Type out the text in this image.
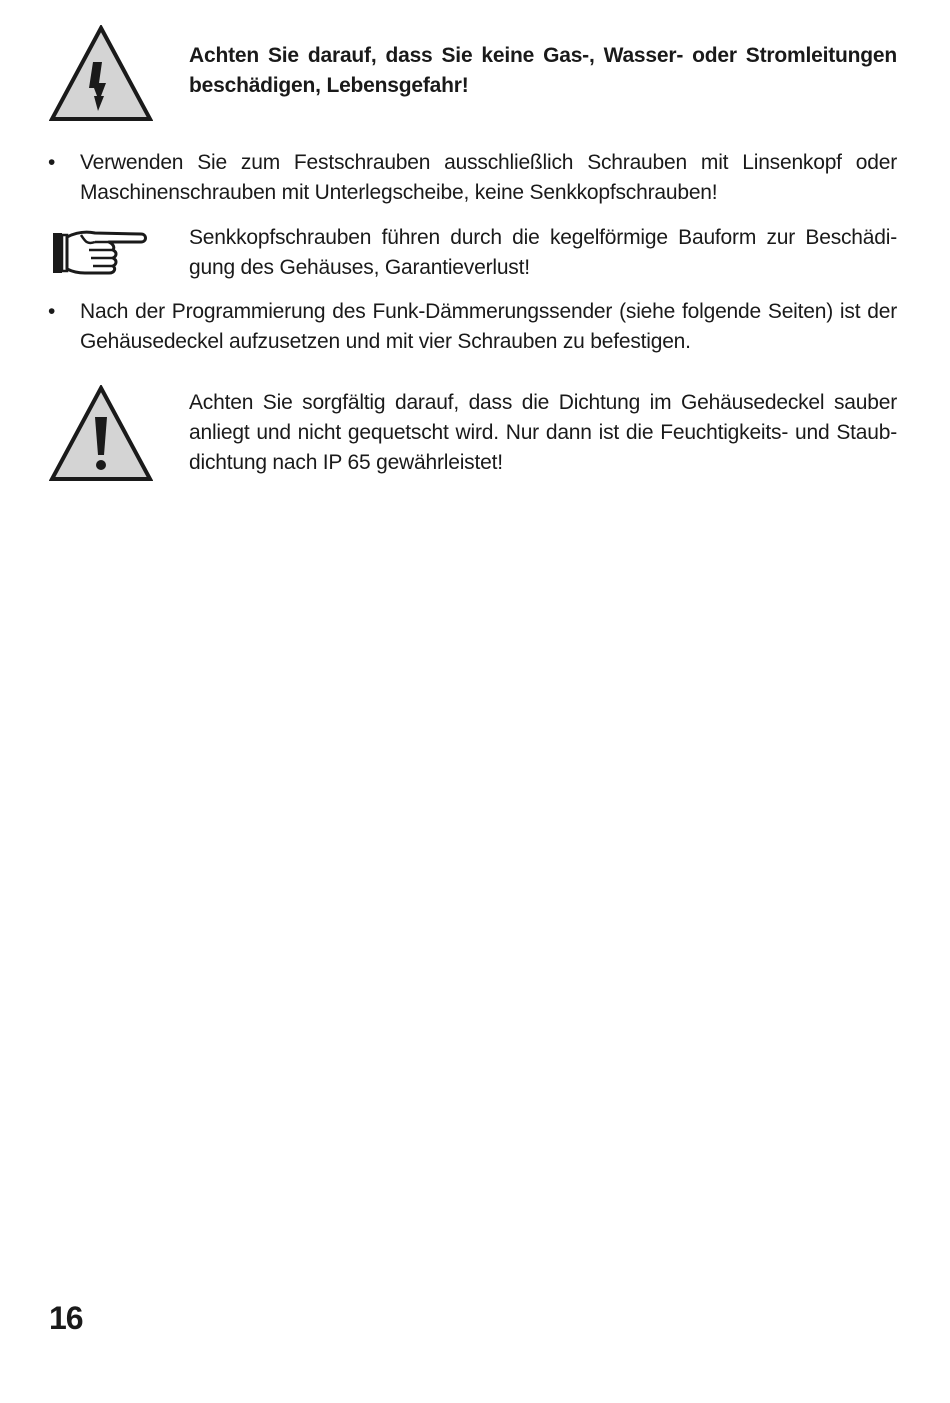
Achten Sie darauf, dass Sie keine Gas-, Wasser- oder Stromleitungen
beschädigen, Lebensgefahr!
• Verwenden Sie zum Festschrauben ausschließlich Schrauben mit Linsenkopf oder
Maschinenschrauben mit Unterlegscheibe, keine Senkkopfschrauben!
Senkkopfschrauben führen durch die kegelförmige Bauform zur Beschädi-
gung des Gehäuses, Garantieverlust!
• Nach der Programmierung des Funk-Dämmerungssender (siehe folgende Seiten) ist der
Gehäusedeckel aufzusetzen und mit vier Schrauben zu befestigen.
Achten Sie sorgfältig darauf, dass die Dichtung im Gehäusedeckel sauber
anliegt und nicht gequetscht wird. Nur dann ist die Feuchtigkeits- und Staub-
dichtung nach IP 65 gewährleistet!
16
